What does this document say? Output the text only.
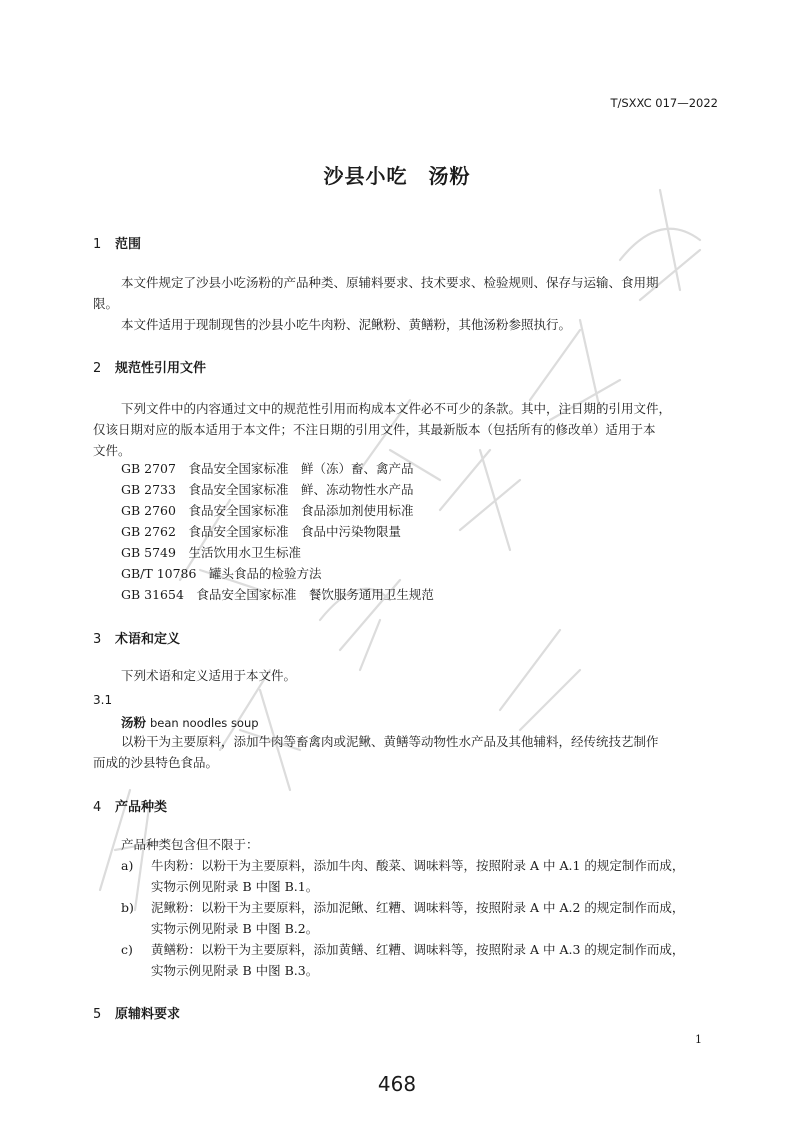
T/SXXC 017—2022
沙县小吃　汤粉
1 范围
本文件规定了沙县小吃汤粉的产品种类、原辅料要求、技术要求、检验规则、保存与运输、食用期
限。
本文件适用于现制现售的沙县小吃牛肉粉、泥鳅粉、黄鳝粉，其他汤粉参照执行。
2 规范性引用文件
下列文件中的内容通过文中的规范性引用而构成本文件必不可少的条款。其中，注日期的引用文件，
仅该日期对应的版本适用于本文件；不注日期的引用文件，其最新版本（包括所有的修改单）适用于本
文件。
GB 2707　食品安全国家标准　鲜（冻）畜、禽产品
GB 2733　食品安全国家标准　鲜、冻动物性水产品
GB 2760　食品安全国家标准　食品添加剂使用标准
GB 2762　食品安全国家标准　食品中污染物限量
GB 5749　生活饮用水卫生标准
GB/T 10786　罐头食品的检验方法
GB 31654　食品安全国家标准　餐饮服务通用卫生规范
3 术语和定义
下列术语和定义适用于本文件。
3.1
汤粉 bean noodles soup
以粉干为主要原料，添加牛肉等畜禽肉或泥鳅、黄鳝等动物性水产品及其他辅料，经传统技艺制作
而成的沙县特色食品。
4 产品种类
产品种类包含但不限于：
a) 牛肉粉：以粉干为主要原料，添加牛肉、酸菜、调味料等，按照附录 A 中 A.1 的规定制作而成，
实物示例见附录 B 中图 B.1。
b) 泥鳅粉：以粉干为主要原料，添加泥鳅、红糟、调味料等，按照附录 A 中 A.2 的规定制作而成，
实物示例见附录 B 中图 B.2。
c) 黄鳝粉：以粉干为主要原料，添加黄鳝、红糟、调味料等，按照附录 A 中 A.3 的规定制作而成，
实物示例见附录 B 中图 B.3。
5 原辅料要求
1
468
